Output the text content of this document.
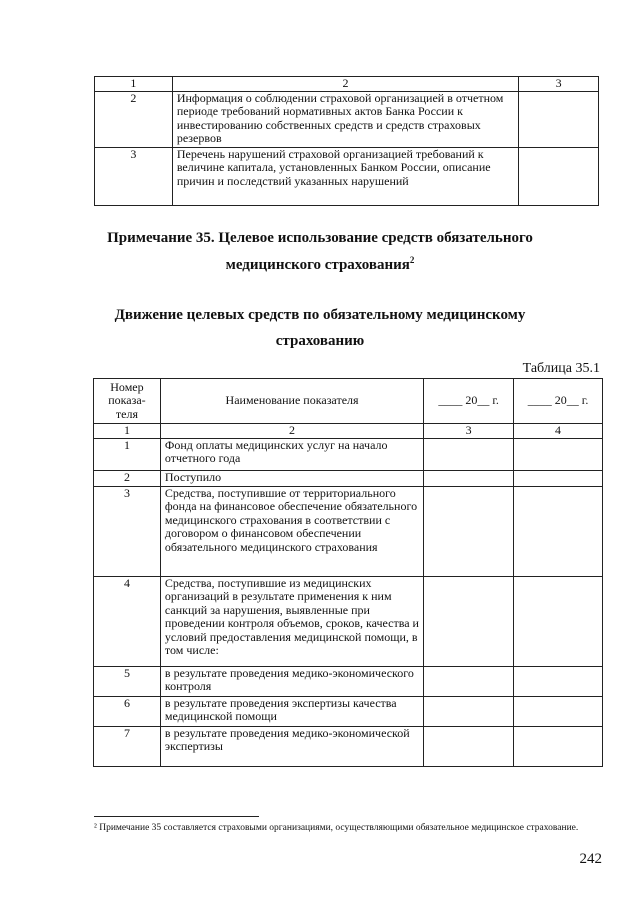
1	2	3
2	Информация о соблюдении страховой организацией в отчетном периоде требований нормативных актов Банка России к инвестированию собственных средств и средств страховых резервов	
3	Перечень нарушений страховой организацией требований к величине капитала, установленных Банком России, описание причин и последствий указанных нарушений	
Примечание 35. Целевое использование средств обязательного
медицинского страхования$^2$
Движение целевых средств по обязательному медицинскому
страхованию
Таблица 35.1
Номер показа-теля	Наименование показателя	____ 20__ г.	____ 20__ г.
1	2	3	4
1	Фонд оплаты медицинских услуг на начало отчетного года		
2	Поступило		
3	Средства, поступившие от территориального фонда на финансовое обеспечение обязательного медицинского страхования в соответствии с договором о финансовом обеспечении обязательного медицинского страхования		
4	Средства, поступившие из медицинских организаций в результате применения к ним санкций за нарушения, выявленные при проведении контроля объемов, сроков, качества и условий предоставления медицинской помощи, в том числе:		
5	в результате проведения медико-экономического контроля		
6	в результате проведения экспертизы качества медицинской помощи		
7	в результате проведения медико-экономической экспертизы		
² Примечание 35 составляется страховыми организациями, осуществляющими обязательное медицинское страхование.
242
